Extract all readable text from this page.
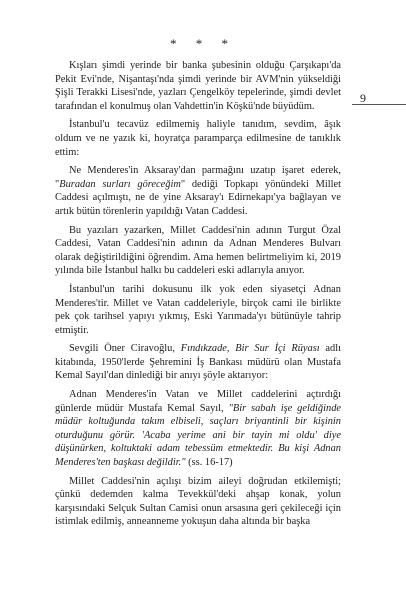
* * *
9

Kışları şimdi yerinde bir banka şubesinin olduğu Çarşıkapı'da Pekit Evi'nde, Nişantaşı'nda şimdi yerinde bir AVM'nin yükseldiği Şişli Terakki Lisesi'nde, yazları Çengelköy tepelerinde, şimdi devlet tarafından el konulmuş olan Vahdettin'in Köşkü'nde büyüdüm.

İstanbul'u tecavüz edilmemiş haliyle tanıdım, sevdim, âşık oldum ve ne yazık ki, hoyratça paramparça edilmesine de tanıklık ettim:

Ne Menderes'in Aksaray'dan parmağını uzatıp işaret ederek, "Buradan surları göreceğim" dediği Topkapı yönündeki Millet Caddesi açılmıştı, ne de yine Aksaray'ı Edirnekapı'ya bağlayan ve artık bütün törenlerin yapıldığı Vatan Caddesi.

Bu yazıları yazarken, Millet Caddesi'nin adının Turgut Özal Caddesi, Vatan Caddesi'nin adının da Adnan Menderes Bulvarı olarak değiştirildiğini öğrendim. Ama hemen belirtmeliyim ki, 2019 yılında bile İstanbul halkı bu caddeleri eski adlarıyla anıyor.

İstanbul'un tarihi dokusunu ilk yok eden siyasetçi Adnan Menderes'tir. Millet ve Vatan caddeleriyle, birçok cami ile birlikte pek çok tarihsel yapıyı yıkmış, Eski Yarımada'yı bütünüyle tahrip etmiştir.

Sevgili Öner Ciravoğlu, Fındıkzade, Bir Sur İçi Rüyası adlı kitabında, 1950'lerde Şehremini İş Bankası müdürü olan Mustafa Kemal Sayıl'dan dinlediği bir anıyı şöyle aktarıyor:

Adnan Menderes'in Vatan ve Millet caddelerini açtırdığı günlerde müdür Mustafa Kemal Sayıl, "Bir sabah işe geldiğinde müdür koltuğunda takım elbiseli, saçları briyantinli bir kişinin oturduğunu görür. 'Acaba yerime ani bir tayin mi oldu' diye düşünürken, koltuktaki adam tebessüm etmektedir. Bu kişi Adnan Menderes'ten başkası değildir." (ss. 16-17)

Millet Caddesi'nin açılışı bizim aileyi doğrudan etkilemişti; çünkü dedemden kalma Tevekkül'deki ahşap konak, yolun karşısındaki Selçuk Sultan Camisi onun arsasına geri çekileceği için istimlak edilmiş, anneanneme yokuşun daha altında bir başka
